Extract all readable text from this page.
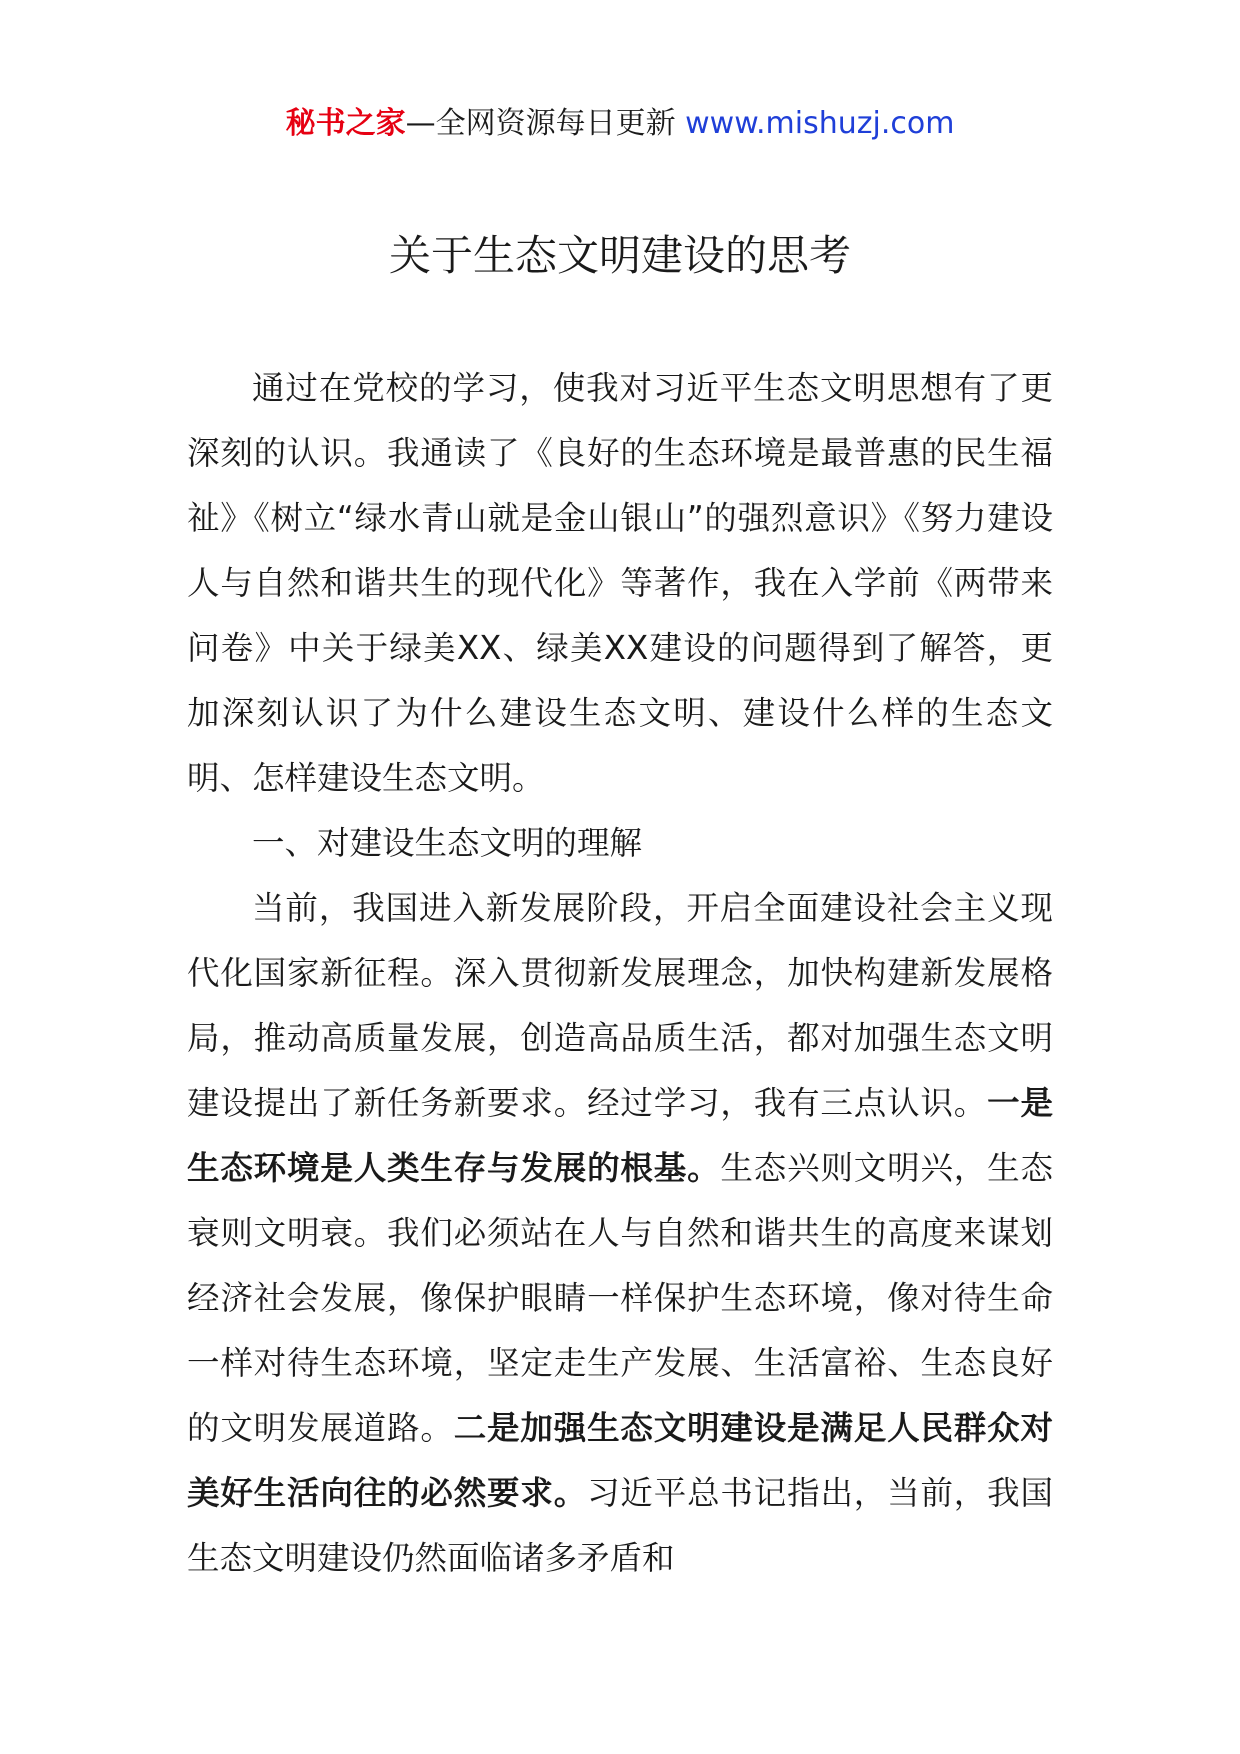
秘书之家—全网资源每日更新 www.mishuzj.com
关于生态文明建设的思考

通过在党校的学习，使我对习近平生态文明思想有了更深刻的认识。我通读了《良好的生态环境是最普惠的民生福祉》《树立“绿水青山就是金山银山”的强烈意识》《努力建设人与自然和谐共生的现代化》等著作，我在入学前《两带来问卷》中关于绿美XX、绿美XX建设的问题得到了解答，更加深刻认识了为什么建设生态文明、建设什么样的生态文明、怎样建设生态文明。

一、对建设生态文明的理解

当前，我国进入新发展阶段，开启全面建设社会主义现代化国家新征程。深入贯彻新发展理念，加快构建新发展格局，推动高质量发展，创造高品质生活，都对加强生态文明建设提出了新任务新要求。经过学习，我有三点认识。一是生态环境是人类生存与发展的根基。生态兴则文明兴，生态衰则文明衰。我们必须站在人与自然和谐共生的高度来谋划经济社会发展，像保护眼睛一样保护生态环境，像对待生命一样对待生态环境，坚定走生产发展、生活富裕、生态良好的文明发展道路。二是加强生态文明建设是满足人民群众对美好生活向往的必然要求。习近平总书记指出，当前，我国生态文明建设仍然面临诸多矛盾和
